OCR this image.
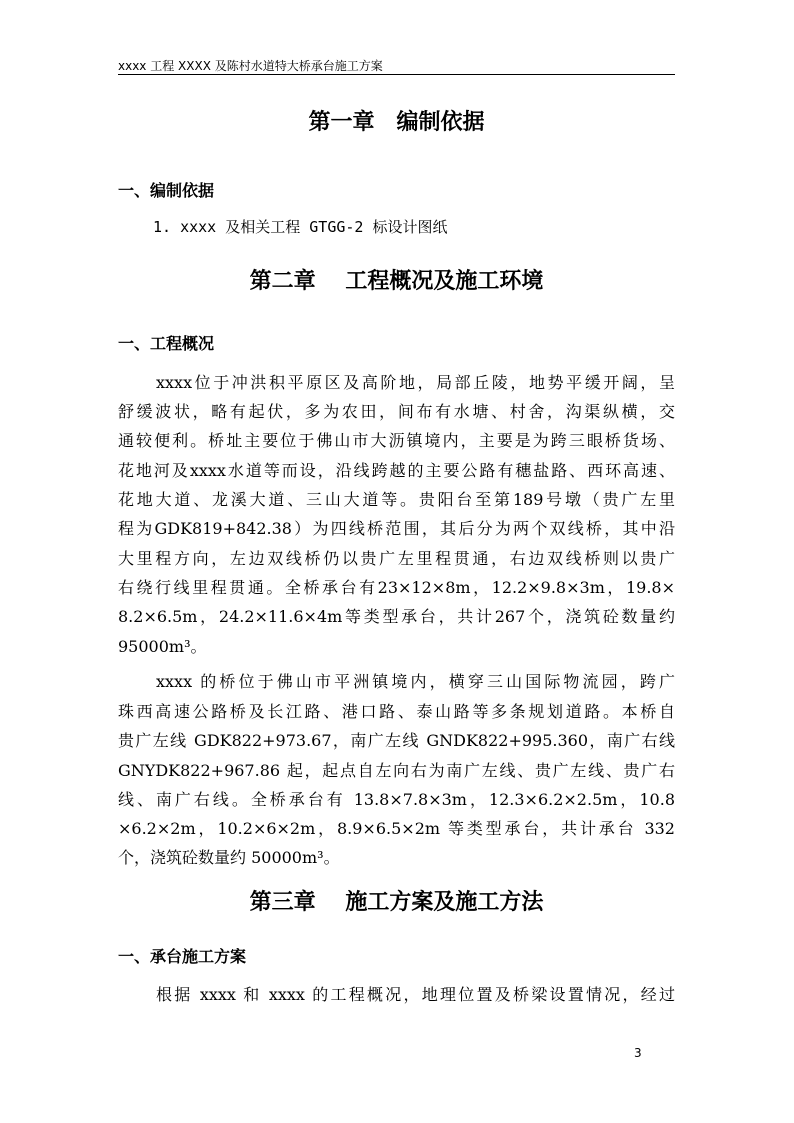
xxxx 工程 XXXX 及陈村水道特大桥承台施工方案
第一章　编制依据
一、编制依据
1. xxxx 及相关工程 GTGG-2 标设计图纸
第二章　 工程概况及施工环境
一、工程概况
xxxx位于冲洪积平原区及高阶地，局部丘陵，地势平缓开阔，呈
舒缓波状，略有起伏，多为农田，间布有水塘、村舍，沟渠纵横，交
通较便利。桥址主要位于佛山市大沥镇境内，主要是为跨三眼桥货场、
花地河及xxxx水道等而设，沿线跨越的主要公路有穗盐路、西环高速、
花地大道、龙溪大道、三山大道等。贵阳台至第189号墩（贵广左里
程为GDK819+842.38）为四线桥范围，其后分为两个双线桥，其中沿
大里程方向，左边双线桥仍以贵广左里程贯通，右边双线桥则以贵广
右绕行线里程贯通。全桥承台有23×12×8m，12.2×9.8×3m，19.8×
8.2×6.5m，24.2×11.6×4m等类型承台，共计267个，浇筑砼数量约
95000m³。
xxxx 的桥位于佛山市平洲镇境内，横穿三山国际物流园，跨广
珠西高速公路桥及长江路、港口路、泰山路等多条规划道路。本桥自
贵广左线 GDK822+973.67，南广左线 GNDK822+995.360，南广右线
GNYDK822+967.86 起，起点自左向右为南广左线、贵广左线、贵广右
线、南广右线。全桥承台有 13.8×7.8×3m，12.3×6.2×2.5m，10.8
×6.2×2m，10.2×6×2m，8.9×6.5×2m 等类型承台，共计承台 332
个，浇筑砼数量约 50000m³。
第三章　 施工方案及施工方法
一、承台施工方案
根据 xxxx 和 xxxx 的工程概况，地理位置及桥梁设置情况，经过
3
